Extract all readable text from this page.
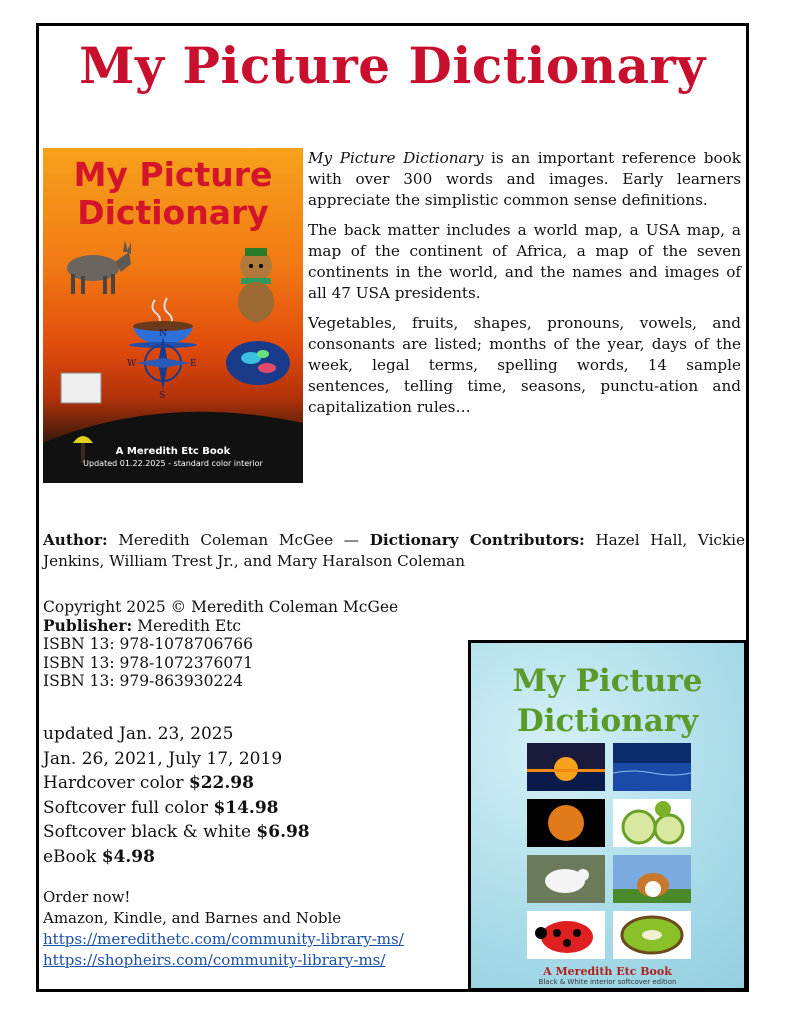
My Picture Dictionary
My Picture Dictionary
N
S
W	E
A Meredith Etc Book
Updated 01.22.2025 - standard color interior

My Picture Dictionary is an important reference book with over 300 words and images. Early learners appreciate the simplistic common sense definitions.

The back matter includes a world map, a USA map, a map of the continent of Africa, a map of the seven continents in the world, and the names and images of all 47 USA presidents.

Vegetables, fruits, shapes, pronouns, vowels, and consonants are listed; months of the year, days of the week, legal terms, spelling words, 14 sample sentences, telling time, seasons, punctu-ation and capitalization rules…

Author: Meredith Coleman McGee — Dictionary Contributors: Hazel Hall, Vickie Jenkins, William Trest Jr., and Mary Haralson Coleman
Copyright 2025 © Meredith Coleman McGee
Publisher: Meredith Etc
ISBN 13: 978-1078706766
ISBN 13: 978-1072376071
ISBN 13: 979-863930224
updated Jan. 23, 2025
Jan. 26, 2021, July 17, 2019
Hardcover color $22.98
Softcover full color $14.98
Softcover black & white $6.98
eBook $4.98
Order now!
Amazon, Kindle, and Barnes and Noble
https://meredithetc.com/community-library-ms/
https://shopheirs.com/community-library-ms/
My Picture Dictionary
A Meredith Etc Book
Black & White interior softcover edition
